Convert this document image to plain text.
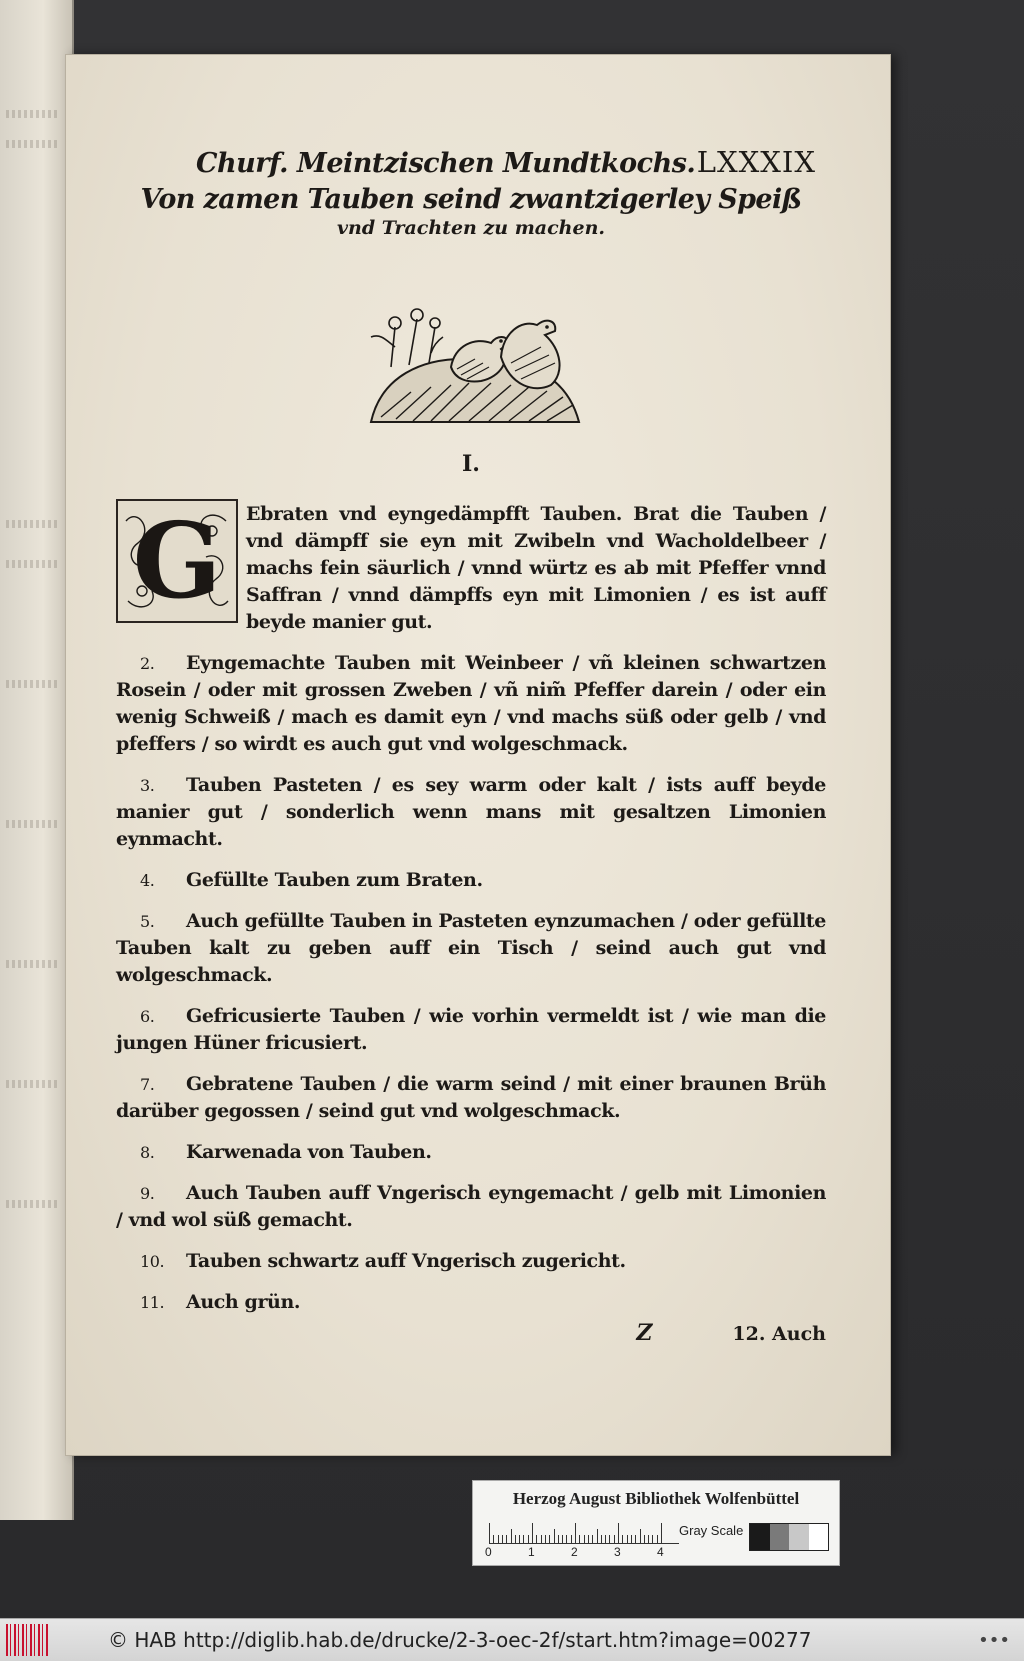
Churf. Meintzischen Mundtkochs. LXXXIX
Von zamen Tauben seind zwantzigerley Speiß
vnd Trachten zu machen.
I.
G	Ebraten vnd eyngedämpfft Tauben. Brat die Tauben / vnd dämpff sie eyn mit Zwibeln vnd Wacholdelbeer / machs fein säurlich / vnnd würtz es ab mit Pfeffer vnnd Saffran / vnnd dämpffs eyn mit Limonien / es ist auff beyde manier gut.
2. Eyngemachte Tauben mit Weinbeer / vñ kleinen schwartzen Rosein / oder mit grossen Zweben / vñ nim̃ Pfeffer darein / oder ein wenig Schweiß / mach es damit eyn / vnd machs süß oder gelb / vnd pfeffers / so wirdt es auch gut vnd wolgeschmack.
3. Tauben Pasteten / es sey warm oder kalt / ists auff beyde manier gut / sonderlich wenn mans mit gesaltzen Limonien eynmacht.
4. Gefüllte Tauben zum Braten.
5. Auch gefüllte Tauben in Pasteten eynzumachen / oder gefüllte Tauben kalt zu geben auff ein Tisch / seind auch gut vnd wolgeschmack.
6. Gefricusierte Tauben / wie vorhin vermeldt ist / wie man die jungen Hüner fricusiert.
7. Gebratene Tauben / die warm seind / mit einer braunen Brüh darüber gegossen / seind gut vnd wolgeschmack.
8. Karwenada von Tauben.
9. Auch Tauben auff Vngerisch eyngemacht / gelb mit Limonien / vnd wol süß gemacht.
10. Tauben schwartz auff Vngerisch zugericht.
11. Auch grün.
Z	12. Auch
Herzog August Bibliothek Wolfenbüttel
0	1	2	3	4
Gray Scale
© HAB http://diglib.hab.de/drucke/2-3-oec-2f/start.htm?image=00277	•••
